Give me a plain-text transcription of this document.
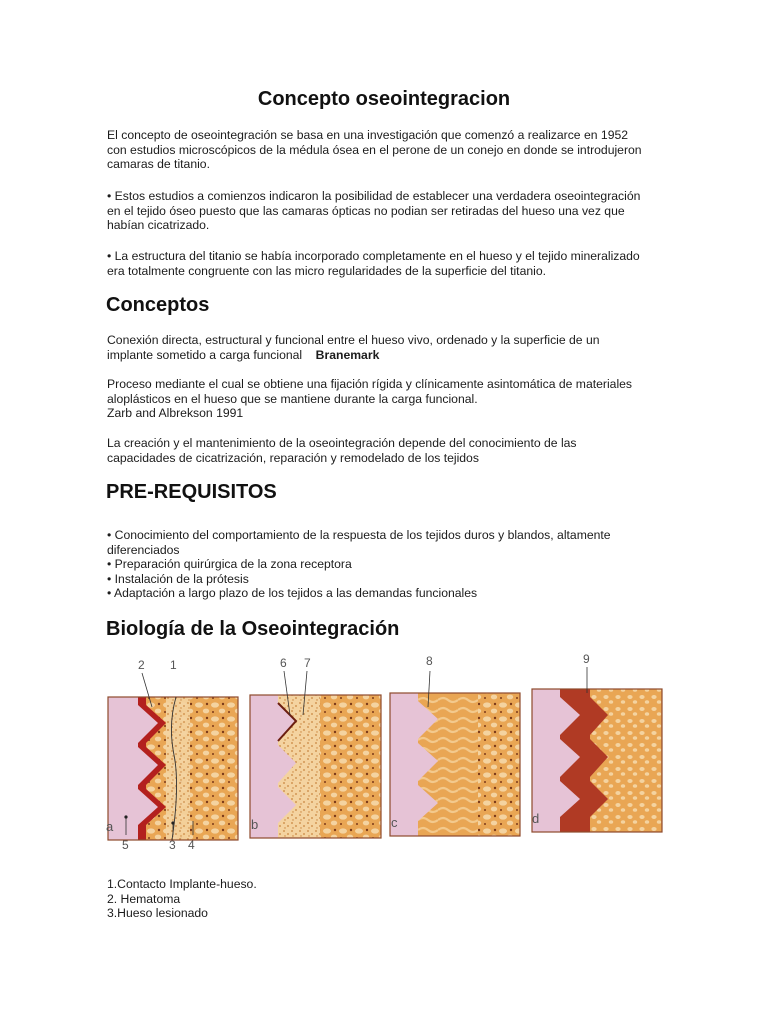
Concepto oseointegracion

El concepto de oseointegración se basa en una investigación que comenzó a realizarce en 1952
con estudios microscópicos de la médula ósea en el perone de un conejo en donde se introdujeron
camaras de titanio.

• Estos estudios a comienzos indicaron la posibilidad de establecer una verdadera oseointegración
en el tejido óseo puesto que las camaras ópticas no podian ser retiradas del hueso una vez que
habían cicatrizado.

• La estructura del titanio se había incorporado completamente en el hueso y el tejido mineralizado
era totalmente congruente con las micro regularidades de la superficie del titanio.

Conceptos

Conexión directa, estructural y funcional entre el hueso vivo, ordenado y la superficie de un
implante sometido a carga funcional Branemark

Proceso mediante el cual se obtiene una fijación rígida y clínicamente asintomática de materiales
aloplásticos en el hueso que se mantiene durante la carga funcional.
Zarb and Albrekson 1991

La creación y el mantenimiento de la oseointegración depende del conocimiento de las
capacidades de cicatrización, reparación y remodelado de los tejidos

PRE-REQUISITOS

• Conocimiento del comportamiento de la respuesta de los tejidos duros y blandos, altamente
diferenciados
• Preparación quirúrgica de la zona receptora
• Instalación de la prótesis
• Adaptación a largo plazo de los tejidos a las demandas funcionales

Biología de la Oseointegración
2 1	6 7	8	9
5	3 4
a	b	c	d

1.Contacto Implante-hueso.
2. Hematoma
3.Hueso lesionado
